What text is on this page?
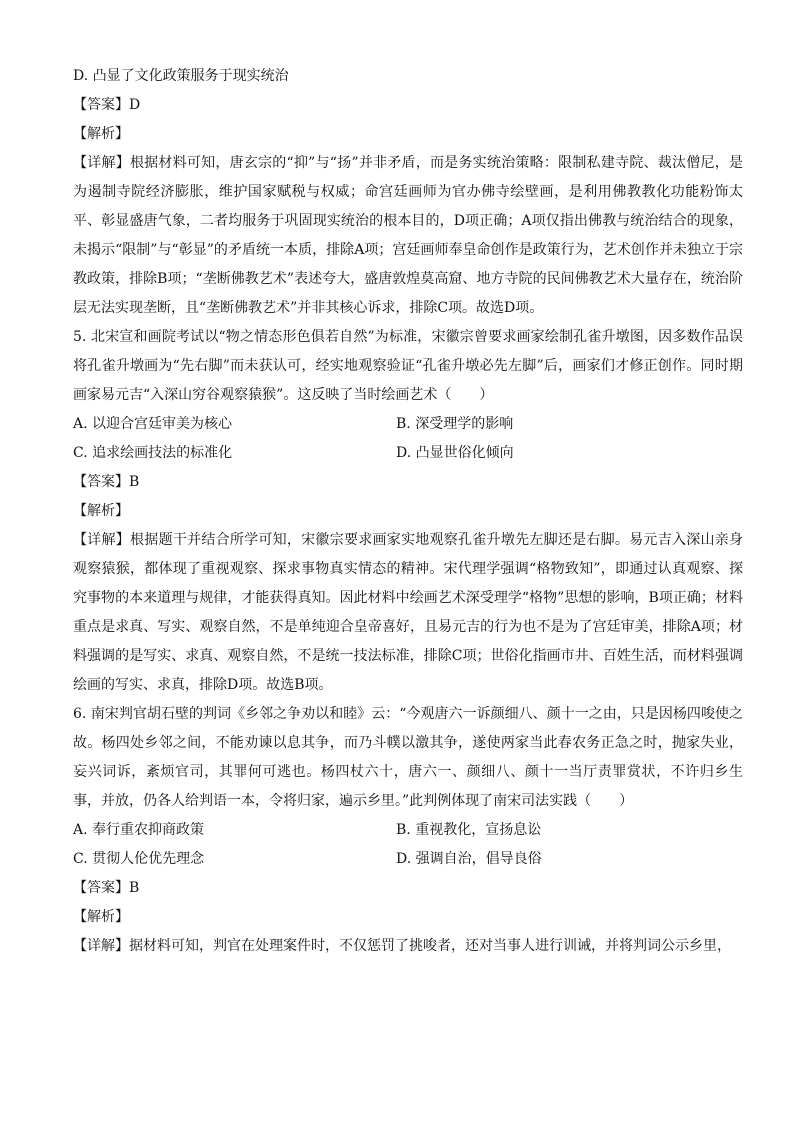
D. 凸显了文化政策服务于现实统治

【答案】D

【解析】

【详解】根据材料可知，唐玄宗的“抑”与“扬”并非矛盾，而是务实统治策略：限制私建寺院、裁汰僧尼，是为遏制寺院经济膨胀，维护国家赋税与权威；命宫廷画师为官办佛寺绘壁画，是利用佛教教化功能粉饰太平、彰显盛唐气象，二者均服务于巩固现实统治的根本目的，D项正确；A项仅指出佛教与统治结合的现象，未揭示“限制”与“彰显”的矛盾统一本质，排除A项；宫廷画师奉皇命创作是政策行为，艺术创作并未独立于宗教政策，排除B项；“垄断佛教艺术”表述夸大，盛唐敦煌莫高窟、地方寺院的民间佛教艺术大量存在，统治阶层无法实现垄断，且“垄断佛教艺术”并非其核心诉求，排除C项。故选D项。

5. 北宋宣和画院考试以“物之情态形色俱若自然”为标准，宋徽宗曾要求画家绘制孔雀升墩图，因多数作品误将孔雀升墩画为“先右脚”而未获认可，经实地观察验证“孔雀升墩必先左脚”后，画家们才修正创作。同时期画家易元吉“入深山穷谷观察猿猴”。这反映了当时绘画艺术（　　）

A. 以迎合宫廷审美为核心	B. 深受理学的影响
C. 追求绘画技法的标准化	D. 凸显世俗化倾向

【答案】B

【解析】

【详解】根据题干并结合所学可知，宋徽宗要求画家实地观察孔雀升墩先左脚还是右脚。易元吉入深山亲身观察猿猴，都体现了重视观察、探求事物真实情态的精神。宋代理学强调“格物致知”，即通过认真观察、探究事物的本来道理与规律，才能获得真知。因此材料中绘画艺术深受理学“格物”思想的影响，B项正确；材料重点是求真、写实、观察自然，不是单纯迎合皇帝喜好，且易元吉的行为也不是为了宫廷审美，排除A项；材料强调的是写实、求真、观察自然，不是统一技法标准，排除C项；世俗化指画市井、百姓生活，而材料强调绘画的写实、求真，排除D项。故选B项。

6. 南宋判官胡石壁的判词《乡邻之争劝以和睦》云：“今观唐六一诉颜细八、颜十一之由，只是因杨四唆使之故。杨四处乡邻之间，不能劝谏以息其争，而乃斗幞以激其争，遂使两家当此春农务正急之时，抛家失业，妄兴词诉，紊烦官司，其罪何可逃也。杨四杖六十，唐六一、颜细八、颜十一当厅责罪赏状，不许归乡生事，并放，仍各人给判语一本，令将归家，遍示乡里。”此判例体现了南宋司法实践（　　）

A. 奉行重农抑商政策	B. 重视教化，宣扬息讼
C. 贯彻人伦优先理念	D. 强调自治，倡导良俗

【答案】B

【解析】

【详解】据材料可知，判官在处理案件时，不仅惩罚了挑唆者，还对当事人进行训诫，并将判词公示乡里，
